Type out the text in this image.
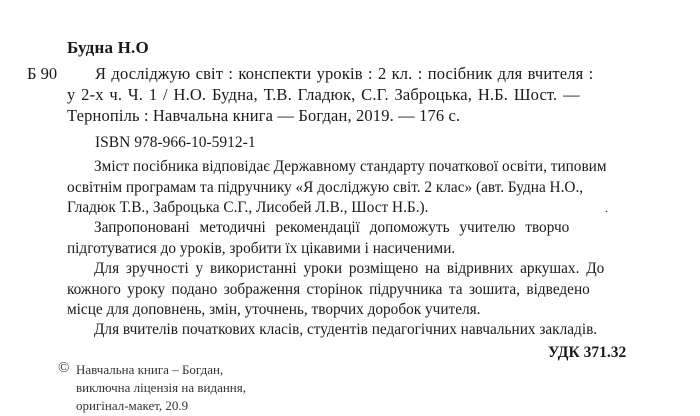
Будна Н.О
Б 90 Я досліджую світ : конспекти уроків : 2 кл. : посібник для вчителя :
у 2-х ч. Ч. 1 / Н.О. Будна, Т.В. Гладюк, С.Г. Заброцька, Н.Б. Шост. —
Тернопіль : Навчальна книга — Богдан, 2019. — 176 с.
ISBN 978-966-10-5912-1
Зміст посібника відповідає Державному стандарту початкової освіти, типовим
освітнім програмам та підручнику «Я досліджую світ. 2 клас» (авт. Будна Н.О.,
Гладюк Т.В., Заброцька С.Г., Лисобей Л.В., Шост Н.Б.).	.
Запропоновані методичні рекомендації допоможуть учителю творчо
підготуватися до уроків, зробити їх цікавими і насиченими.
Для зручності у використанні уроки розміщено на відривних аркушах. До
кожного уроку подано зображення сторінок підручника та зошита, відведено
місце для доповнень, змін, уточнень, творчих доробок учителя.
Для вчителів початкових класів, студентів педагогічних навчальних закладів.
УДК 371.32
© Навчальна книга – Богдан,
виключна ліцензія на видання,
оригінал-макет, 20.9
